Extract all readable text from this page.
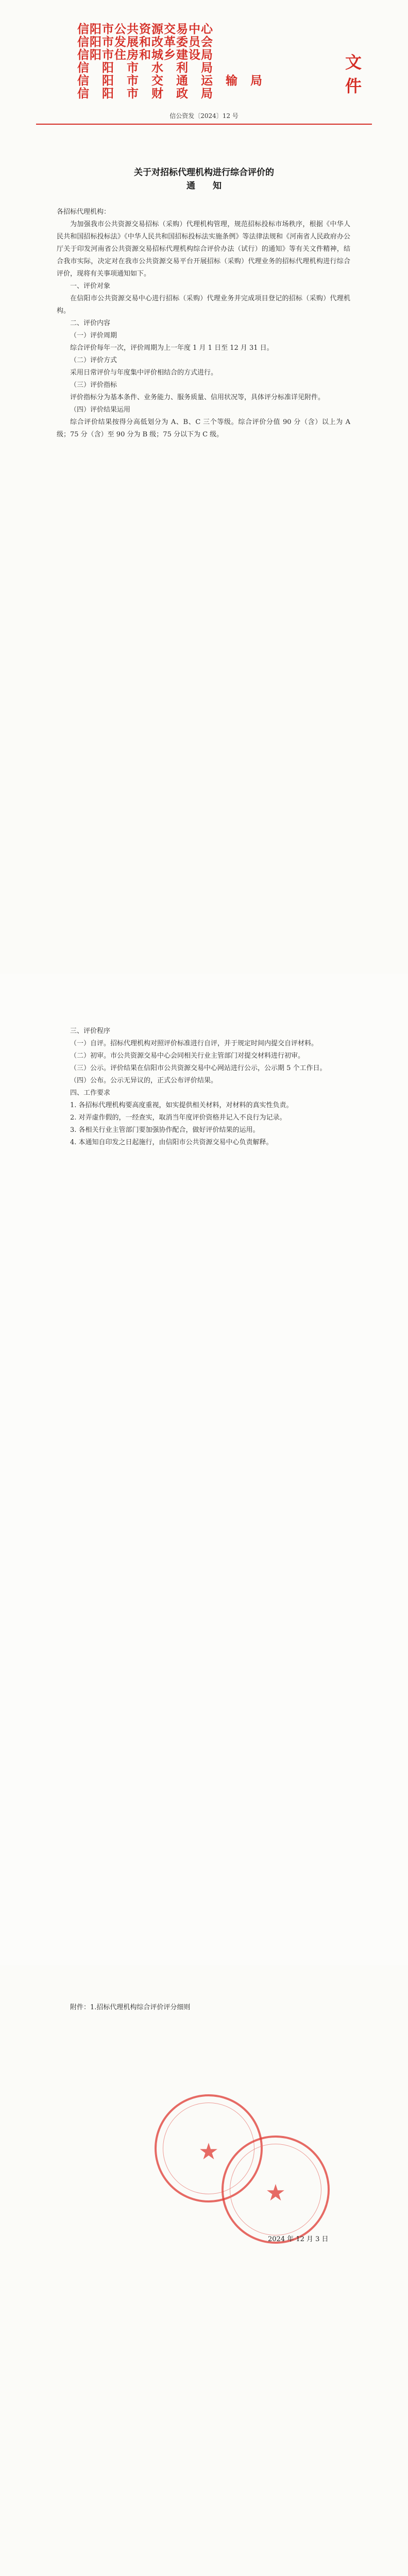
信阳市公共资源交易中心
信阳市发展和改革委员会
信阳市住房和城乡建设局
信　阳　市　水　利　局
信　阳　市　交　通　运　输　局
信　阳　市　财　政　局
文件
信公资发〔2024〕12 号
关于对招标代理机构进行综合评价的
通　　知

各招标代理机构：

为加强我市公共资源交易招标（采购）代理机构管理，规范招标投标市场秩序，根据《中华人民共和国招标投标法》《中华人民共和国招标投标法实施条例》等法律法规和《河南省人民政府办公厅关于印发河南省公共资源交易招标代理机构综合评价办法（试行）的通知》等有关文件精神，结合我市实际，决定对在我市公共资源交易平台开展招标（采购）代理业务的招标代理机构进行综合评价，现将有关事项通知如下。

一、评价对象

在信阳市公共资源交易中心进行招标（采购）代理业务并完成项目登记的招标（采购）代理机构。

二、评价内容

（一）评价周期

综合评价每年一次，评价周期为上一年度 1 月 1 日至 12 月 31 日。

（二）评价方式

采用日常评价与年度集中评价相结合的方式进行。

（三）评价指标

评价指标分为基本条件、业务能力、服务质量、信用状况等，具体评分标准详见附件。

（四）评价结果运用

综合评价结果按得分高低划分为 A、B、C 三个等级。综合评价分值 90 分（含）以上为 A 级；75 分（含）至 90 分为 B 级；75 分以下为 C 级。

三、评价程序

（一）自评。招标代理机构对照评价标准进行自评，并于规定时间内提交自评材料。

（二）初审。市公共资源交易中心会同相关行业主管部门对提交材料进行初审。

（三）公示。评价结果在信阳市公共资源交易中心网站进行公示，公示期 5 个工作日。

（四）公布。公示无异议的，正式公布评价结果。

四、工作要求

1. 各招标代理机构要高度重视，如实提供相关材料，对材料的真实性负责。

2. 对弄虚作假的，一经查实，取消当年度评价资格并记入不良行为记录。

3. 各相关行业主管部门要加强协作配合，做好评价结果的运用。

4. 本通知自印发之日起施行，由信阳市公共资源交易中心负责解释。

附件：1.招标代理机构综合评价评分细则

★
★
2024 年 12 月 3 日
